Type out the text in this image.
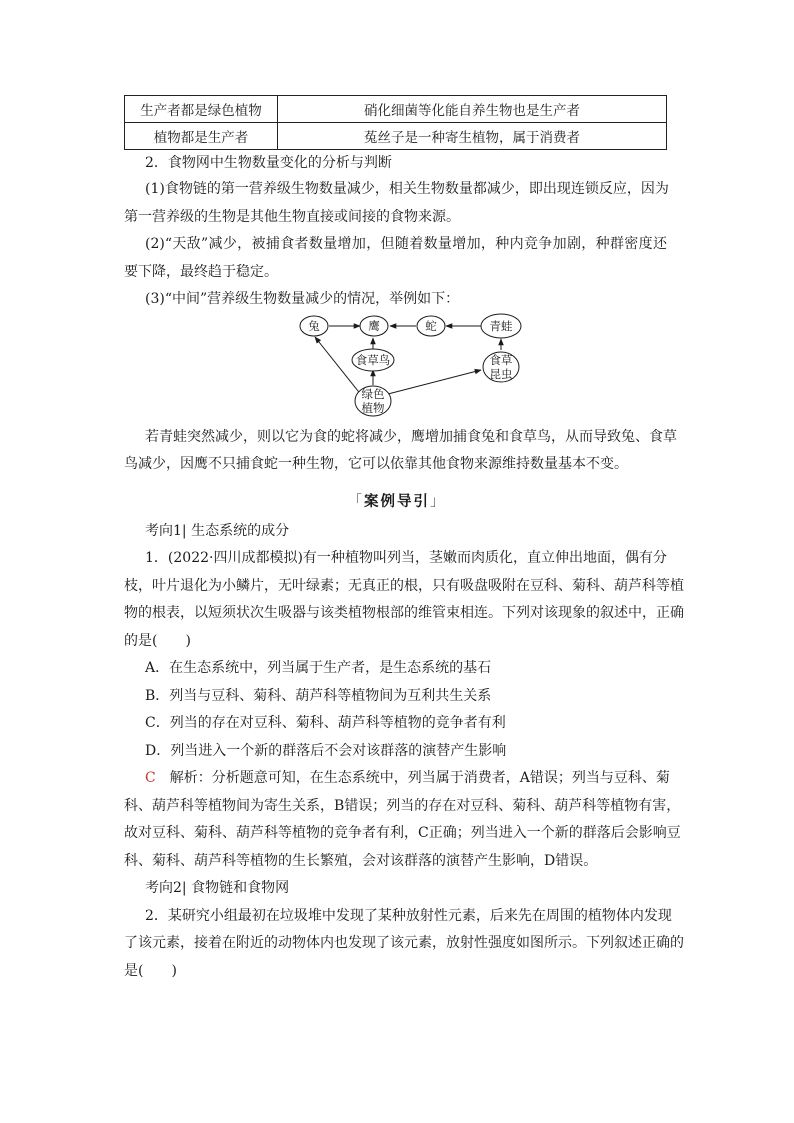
生产者都是绿色植物	硝化细菌等化能自养生物也是生产者
植物都是生产者	菟丝子是一种寄生植物，属于消费者
2．食物网中生物数量变化的分析与判断
(1)食物链的第一营养级生物数量减少，相关生物数量都减少，即出现连锁反应，因为
第一营养级的生物是其他生物直接或间接的食物来源。
(2)“天敌”减少，被捕食者数量增加，但随着数量增加，种内竞争加剧，种群密度还
要下降，最终趋于稳定。
(3)“中间”营养级生物数量减少的情况，举例如下：
兔	鹰	蛇	青蛙
食草鸟	食草
昆虫
绿色
植物
若青蛙突然减少，则以它为食的蛇将减少，鹰增加捕食兔和食草鸟，从而导致兔、食草
鸟减少，因鹰不只捕食蛇一种生物，它可以依靠其他食物来源维持数量基本不变。
「案例导引」
考向1| 生态系统的成分
1．(2022·四川成都模拟)有一种植物叫列当，茎嫩而肉质化，直立伸出地面，偶有分
枝，叶片退化为小鳞片，无叶绿素；无真正的根，只有吸盘吸附在豆科、菊科、葫芦科等植
物的根表，以短须状次生吸器与该类植物根部的维管束相连。下列对该现象的叙述中，正确
的是(　　)
A．在生态系统中，列当属于生产者，是生态系统的基石
B．列当与豆科、菊科、葫芦科等植物间为互利共生关系
C．列当的存在对豆科、菊科、葫芦科等植物的竞争者有利
D．列当进入一个新的群落后不会对该群落的演替产生影响
C　解析：分析题意可知，在生态系统中，列当属于消费者，A错误；列当与豆科、菊
科、葫芦科等植物间为寄生关系，B错误；列当的存在对豆科、菊科、葫芦科等植物有害，
故对豆科、菊科、葫芦科等植物的竞争者有利，C正确；列当进入一个新的群落后会影响豆
科、菊科、葫芦科等植物的生长繁殖，会对该群落的演替产生影响，D错误。
考向2| 食物链和食物网
2．某研究小组最初在垃圾堆中发现了某种放射性元素，后来先在周围的植物体内发现
了该元素，接着在附近的动物体内也发现了该元素，放射性强度如图所示。下列叙述正确的
是(　　)
